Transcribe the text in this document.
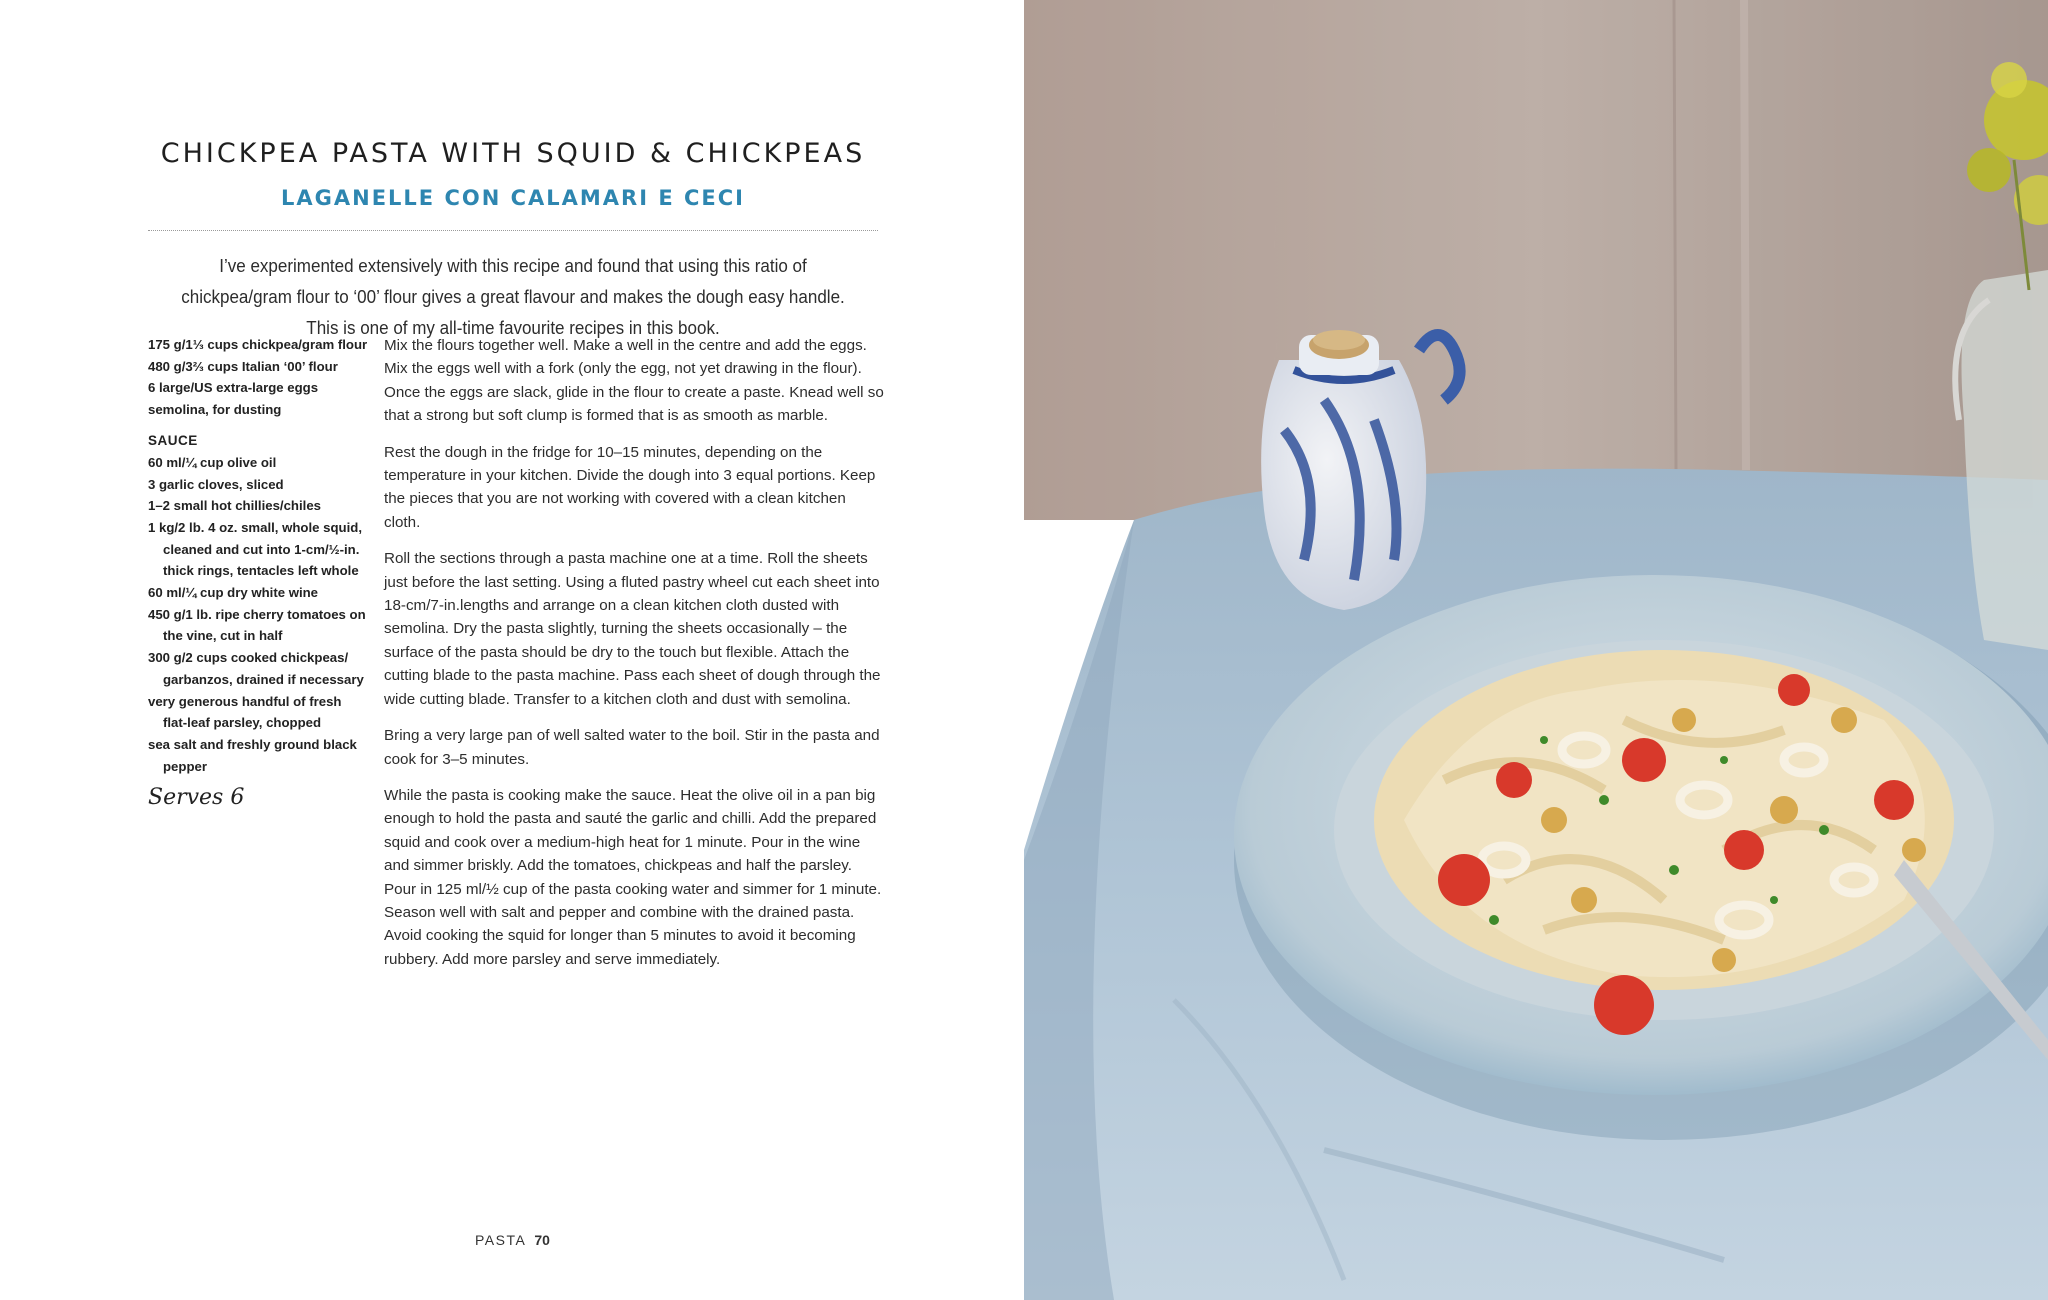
CHICKPEA PASTA WITH SQUID & CHICKPEAS
LAGANELLE CON CALAMARI E CECI

I’ve experimented extensively with this recipe and found that using this ratio of chickpea/gram flour to ‘00’ flour gives a great flavour and makes the dough easy handle. This is one of my all-time favourite recipes in this book.

175 g/1⅓ cups chickpea/gram flour
480 g/3⅔ cups Italian ‘00’ flour
6 large/US extra-large eggs
semolina, for dusting
SAUCE
60 ml/¼ cup olive oil
3 garlic cloves, sliced
1–2 small hot chillies/chiles
1 kg/2 lb. 4 oz. small, whole squid, cleaned and cut into 1-cm/½-in. thick rings, tentacles left whole
60 ml/¼ cup dry white wine
450 g/1 lb. ripe cherry tomatoes on the vine, cut in half
300 g/2 cups cooked chickpeas/ garbanzos, drained if necessary
very generous handful of fresh flat-leaf parsley, chopped
sea salt and freshly ground black pepper
Serves 6

Mix the flours together well. Make a well in the centre and add the eggs. Mix the eggs well with a fork (only the egg, not yet drawing in the flour). Once the eggs are slack, glide in the flour to create a paste. Knead well so that a strong but soft clump is formed that is as smooth as marble.

Rest the dough in the fridge for 10–15 minutes, depending on the temperature in your kitchen. Divide the dough into 3 equal portions. Keep the pieces that you are not working with covered with a clean kitchen cloth.

Roll the sections through a pasta machine one at a time. Roll the sheets just before the last setting. Using a fluted pastry wheel cut each sheet into 18-cm/7-in.lengths and arrange on a clean kitchen cloth dusted with semolina. Dry the pasta slightly, turning the sheets occasionally – the surface of the pasta should be dry to the touch but flexible. Attach the cutting blade to the pasta machine. Pass each sheet of dough through the wide cutting blade. Transfer to a kitchen cloth and dust with semolina.

Bring a very large pan of well salted water to the boil. Stir in the pasta and cook for 3–5 minutes.

While the pasta is cooking make the sauce. Heat the olive oil in a pan big enough to hold the pasta and sauté the garlic and chilli. Add the prepared squid and cook over a medium-high heat for 1 minute. Pour in the wine and simmer briskly. Add the tomatoes, chickpeas and half the parsley. Pour in 125 ml/½ cup of the pasta cooking water and simmer for 1 minute. Season well with salt and pepper and combine with the drained pasta. Avoid cooking the squid for longer than 5 minutes to avoid it becoming rubbery. Add more parsley and serve immediately.

PASTA 70
